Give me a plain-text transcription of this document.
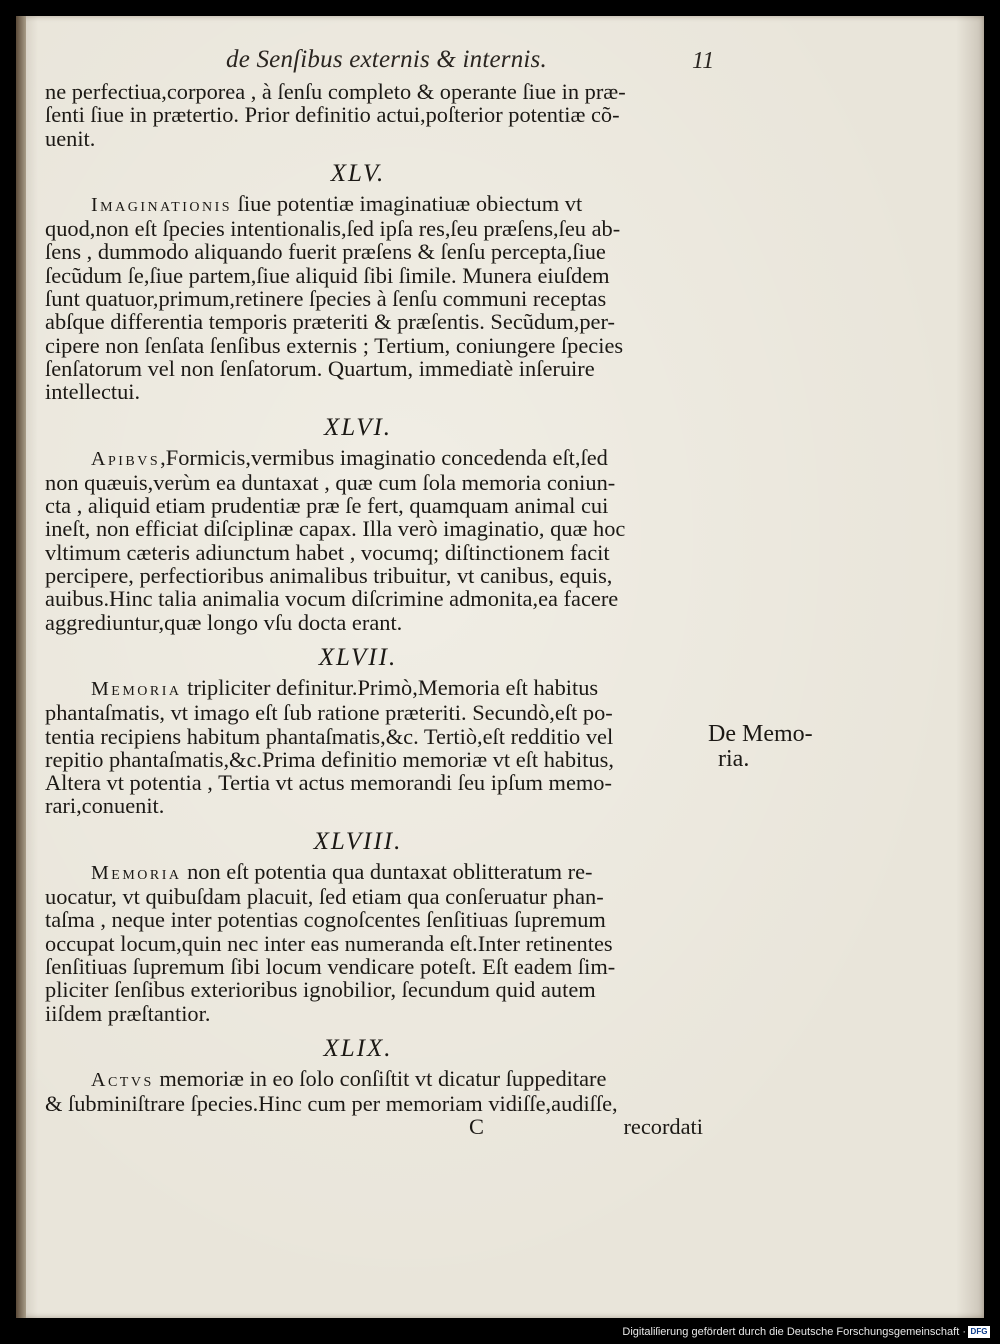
de Senſibus externis & internis.	11

ne perfectiua,corporea , à ſenſu completo & operante ſiue in præ-
ſenti ſiue in prætertio. Prior definitio actui,poſterior potentiæ cõ-
uenit.

XLV.

Imaginationis ſiue potentiæ imaginatiuæ obiectum vt
quod,non eſt ſpecies intentionalis,ſed ipſa res,ſeu præſens,ſeu ab-
ſens , dummodo aliquando fuerit præſens & ſenſu percepta,ſiue
ſecũdum ſe,ſiue partem,ſiue aliquid ſibi ſimile. Munera eiuſdem
ſunt quatuor,primum,retinere ſpecies à ſenſu communi receptas
abſque differentia temporis præteriti & præſentis. Secũdum,per-
cipere non ſenſata ſenſibus externis ; Tertium, coniungere ſpecies
ſenſatorum vel non ſenſatorum. Quartum, immediatè inſeruire
intellectui.

XLVI.

Apibvs,Formicis,vermibus imaginatio concedenda eſt,ſed
non quæuis,verùm ea duntaxat , quæ cum ſola memoria coniun-
cta , aliquid etiam prudentiæ præ ſe fert, quamquam animal cui
ineſt, non efficiat diſciplinæ capax. Illa verò imaginatio, quæ hoc
vltimum cæteris adiunctum habet , vocumq; diſtinctionem facit
percipere, perfectioribus animalibus tribuitur, vt canibus, equis,
auibus.Hinc talia animalia vocum diſcrimine admonita,ea facere
aggrediuntur,quæ longo vſu docta erant.

XLVII.

Memoria tripliciter definitur.Primò,Memoria eſt habitus
phantaſmatis, vt imago eſt ſub ratione præteriti. Secundò,eſt po-
tentia recipiens habitum phantaſmatis,&c. Tertiò,eſt redditio vel
repitio phantaſmatis,&c.Prima definitio memoriæ vt eſt habitus,
Altera vt potentia , Tertia vt actus memorandi ſeu ipſum memo-
rari,conuenit.

XLVIII.

Memoria non eſt potentia qua duntaxat oblitteratum re-
uocatur, vt quibuſdam placuit, ſed etiam qua conſeruatur phan-
taſma , neque inter potentias cognoſcentes ſenſitiuas ſupremum
occupat locum,quin nec inter eas numeranda eſt.Inter retinentes
ſenſitiuas ſupremum ſibi locum vendicare poteſt. Eſt eadem ſim-
pliciter ſenſibus exterioribus ignobilior, ſecundum quid autem
iiſdem præſtantior.

XLIX.

Actvs memoriæ in eo ſolo conſiſtit vt dicatur ſuppeditare
& ſubminiſtrare ſpecies.Hinc cum per memoriam vidiſſe,audiſſe,

C	recordati
De Memo-
ria.
Digitaliſierung gefördert durch die Deutsche Forschungsgemeinschaft · DFG
